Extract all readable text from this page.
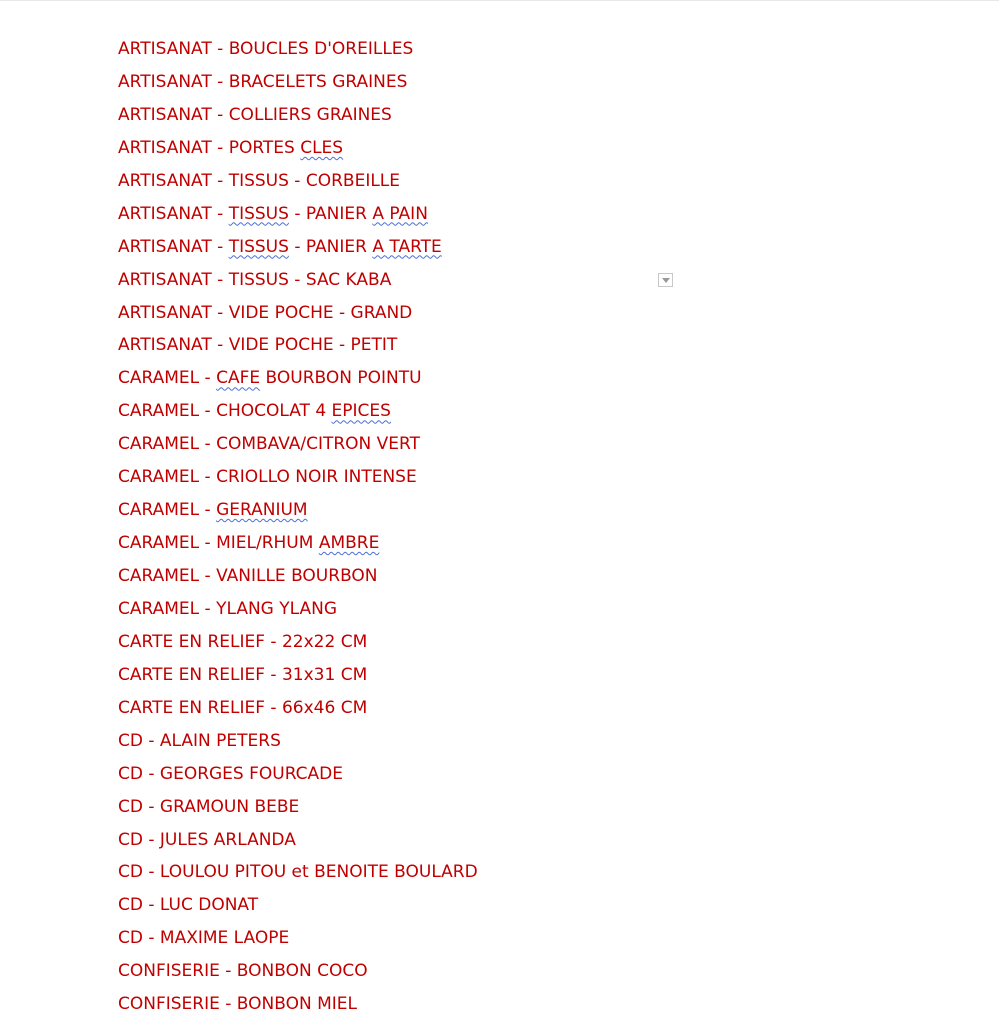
ARTISANAT - BOUCLES D'OREILLES
ARTISANAT - BRACELETS GRAINES
ARTISANAT - COLLIERS GRAINES
ARTISANAT - PORTES CLES
ARTISANAT - TISSUS - CORBEILLE
ARTISANAT - TISSUS - PANIER A PAIN
ARTISANAT - TISSUS - PANIER A TARTE
ARTISANAT - TISSUS - SAC KABA
ARTISANAT - VIDE POCHE - GRAND
ARTISANAT - VIDE POCHE - PETIT
CARAMEL - CAFE BOURBON POINTU
CARAMEL - CHOCOLAT 4 EPICES
CARAMEL - COMBAVA/CITRON VERT
CARAMEL - CRIOLLO NOIR INTENSE
CARAMEL - GERANIUM
CARAMEL - MIEL/RHUM AMBRE
CARAMEL - VANILLE BOURBON
CARAMEL - YLANG YLANG
CARTE EN RELIEF - 22x22 CM
CARTE EN RELIEF - 31x31 CM
CARTE EN RELIEF - 66x46 CM
CD - ALAIN PETERS
CD - GEORGES FOURCADE
CD - GRAMOUN BEBE
CD - JULES ARLANDA
CD - LOULOU PITOU et BENOITE BOULARD
CD - LUC DONAT
CD - MAXIME LAOPE
CONFISERIE - BONBON COCO
CONFISERIE - BONBON MIEL
